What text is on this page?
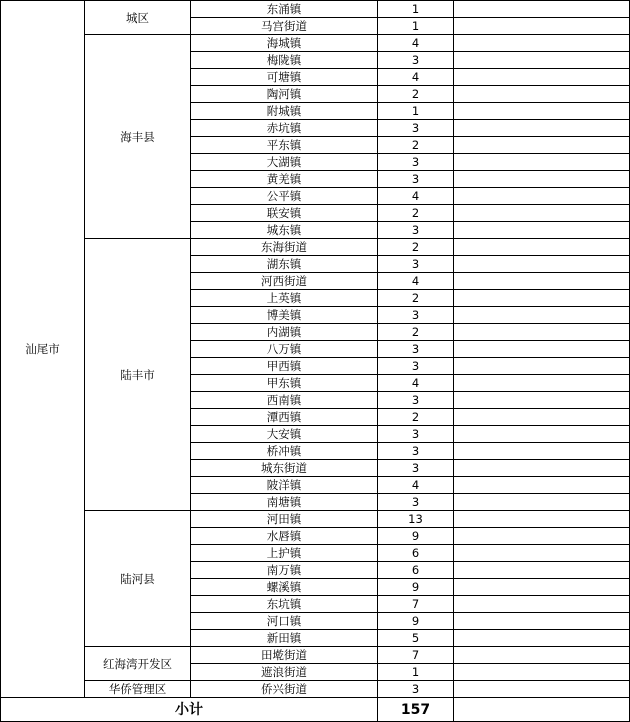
汕尾市	城区	东涌镇	1	
		马宫街道	1	
	海丰县	海城镇	4	
		梅陇镇	3	
		可塘镇	4	
		陶河镇	2	
		附城镇	1	
		赤坑镇	3	
		平东镇	2	
		大湖镇	3	
		黄羌镇	3	
		公平镇	4	
		联安镇	2	
		城东镇	3	
	陆丰市	东海街道	2	
		湖东镇	3	
		河西街道	4	
		上英镇	2	
		博美镇	3	
		内湖镇	2	
		八万镇	3	
		甲西镇	3	
		甲东镇	4	
		西南镇	3	
		潭西镇	2	
		大安镇	3	
		桥冲镇	3	
		城东街道	3	
		陂洋镇	4	
		南塘镇	3	
	陆河县	河田镇	13	
		水唇镇	9	
		上护镇	6	
		南万镇	6	
		螺溪镇	9	
		东坑镇	7	
		河口镇	9	
		新田镇	5	
	红海湾开发区	田墘街道	7	
		遮浪街道	1	
	华侨管理区	侨兴街道	3	
小计			157	
